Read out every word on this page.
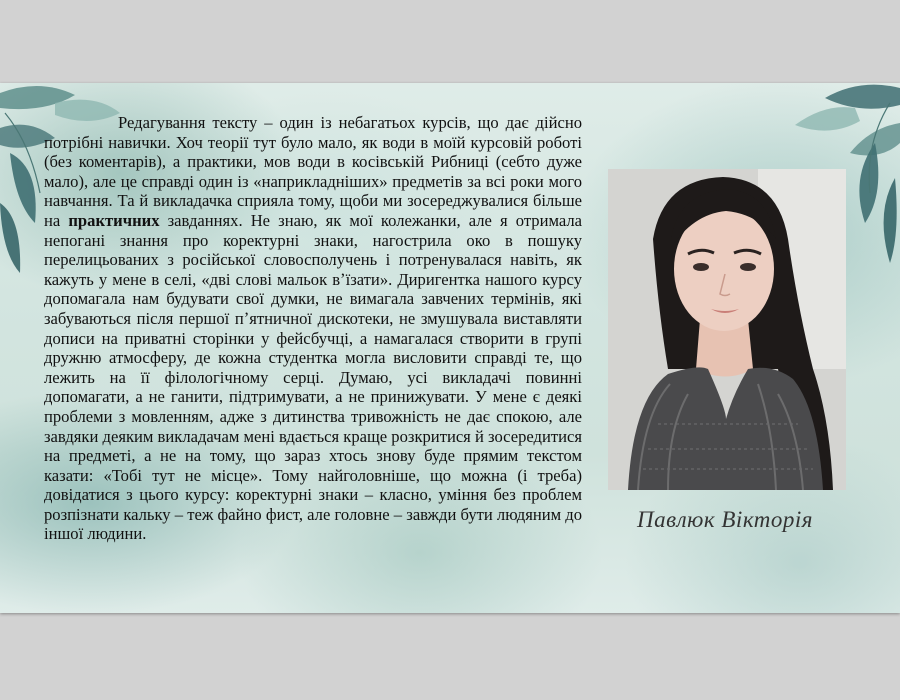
Редагування тексту – один із небагатьох курсів, що дає дійсно потрібні навички. Хоч теорії тут було мало, як води в моїй курсовій роботі (без коментарів), а практики, мов води в косівській Рибниці (себто дуже мало), але це справді один із «наприкладніших» предметів за всі роки мого навчання. Та й викладачка сприяла тому, щоби ми зосереджувалися більше на практичних завданнях. Не знаю, як мої колежанки, але я отримала непогані знання про коректурні знаки, нагострила око в пошуку перелицьованих з російської словосполучень і потренувалася навіть, як кажуть у мене в селі, «дві слові мальок вʼїзати». Диригентка нашого курсу допомагала нам будувати свої думки, не вимагала завчених термінів, які забуваються після першої пʼятничної дискотеки, не змушувала виставляти дописи на приватні сторінки у фейсбучці, а намагалася створити в групі дружню атмосферу, де кожна студентка могла висловити справді те, що лежить на її філологічному серці. Думаю, усі викладачі повинні допомагати, а не ганити, підтримувати, а не принижувати. У мене є деякі проблеми з мовленням, адже з дитинства тривожність не дає спокою, але завдяки деяким викладачам мені вдається краще розкритися й зосередитися на предметі, а не на тому, що зараз хтось знову буде прямим текстом казати: «Тобі тут не місце». Тому найголовніше, що можна (і треба) довідатися з цього курсу: коректурні знаки – класно, уміння без проблем розпізнати кальку – теж файно фист, але головне – завжди бути людяним до іншої людини.

Павлюк Вікторія
